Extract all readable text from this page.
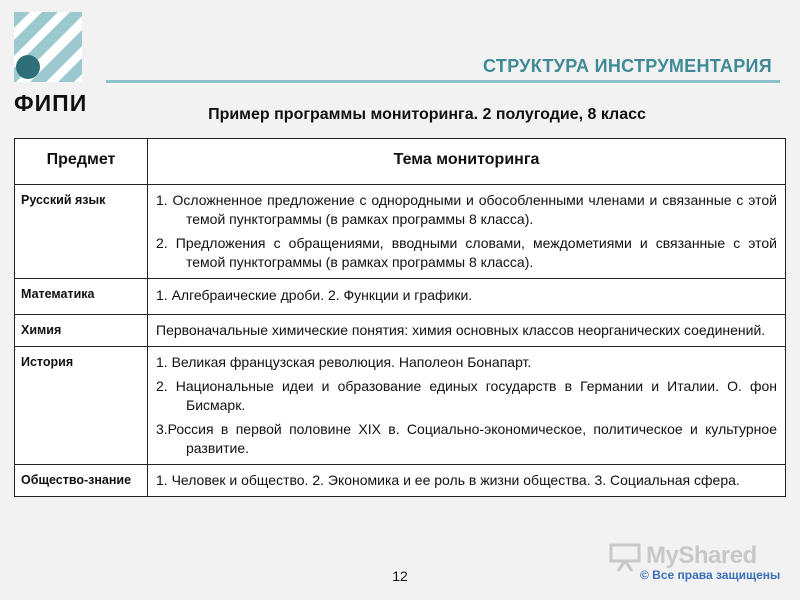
ФИПИ
СТРУКТУРА ИНСТРУМЕНТАРИЯ
Пример программы мониторинга. 2 полугодие, 8 класс
Предмет	Тема мониторинга
Русский язык	1. Осложненное предложение с однородными и обособленными членами и связанные с этой темой пунктограммы (в рамках программы 8 класса).
2. Предложения с обращениями, вводными словами, междометиями и связанные с этой темой пунктограммы (в рамках программы 8 класса).

Математика	1. Алгебраические дроби. 2. Функции и графики.

Химия	Первоначальные химические понятия: химия основных классов неорганических соединений.

История	1. Великая французская революция. Наполеон Бонапарт.
2. Национальные идеи и образование единых государств в Германии и Италии. О. фон Бисмарк.
3.Россия в первой половине XIX в. Социально-экономическое, политическое и культурное развитие.

Общество-знание	1. Человек и общество. 2. Экономика и ее роль в жизни общества. 3. Социальная сфера.
12
MyShared
© Все права защищены
